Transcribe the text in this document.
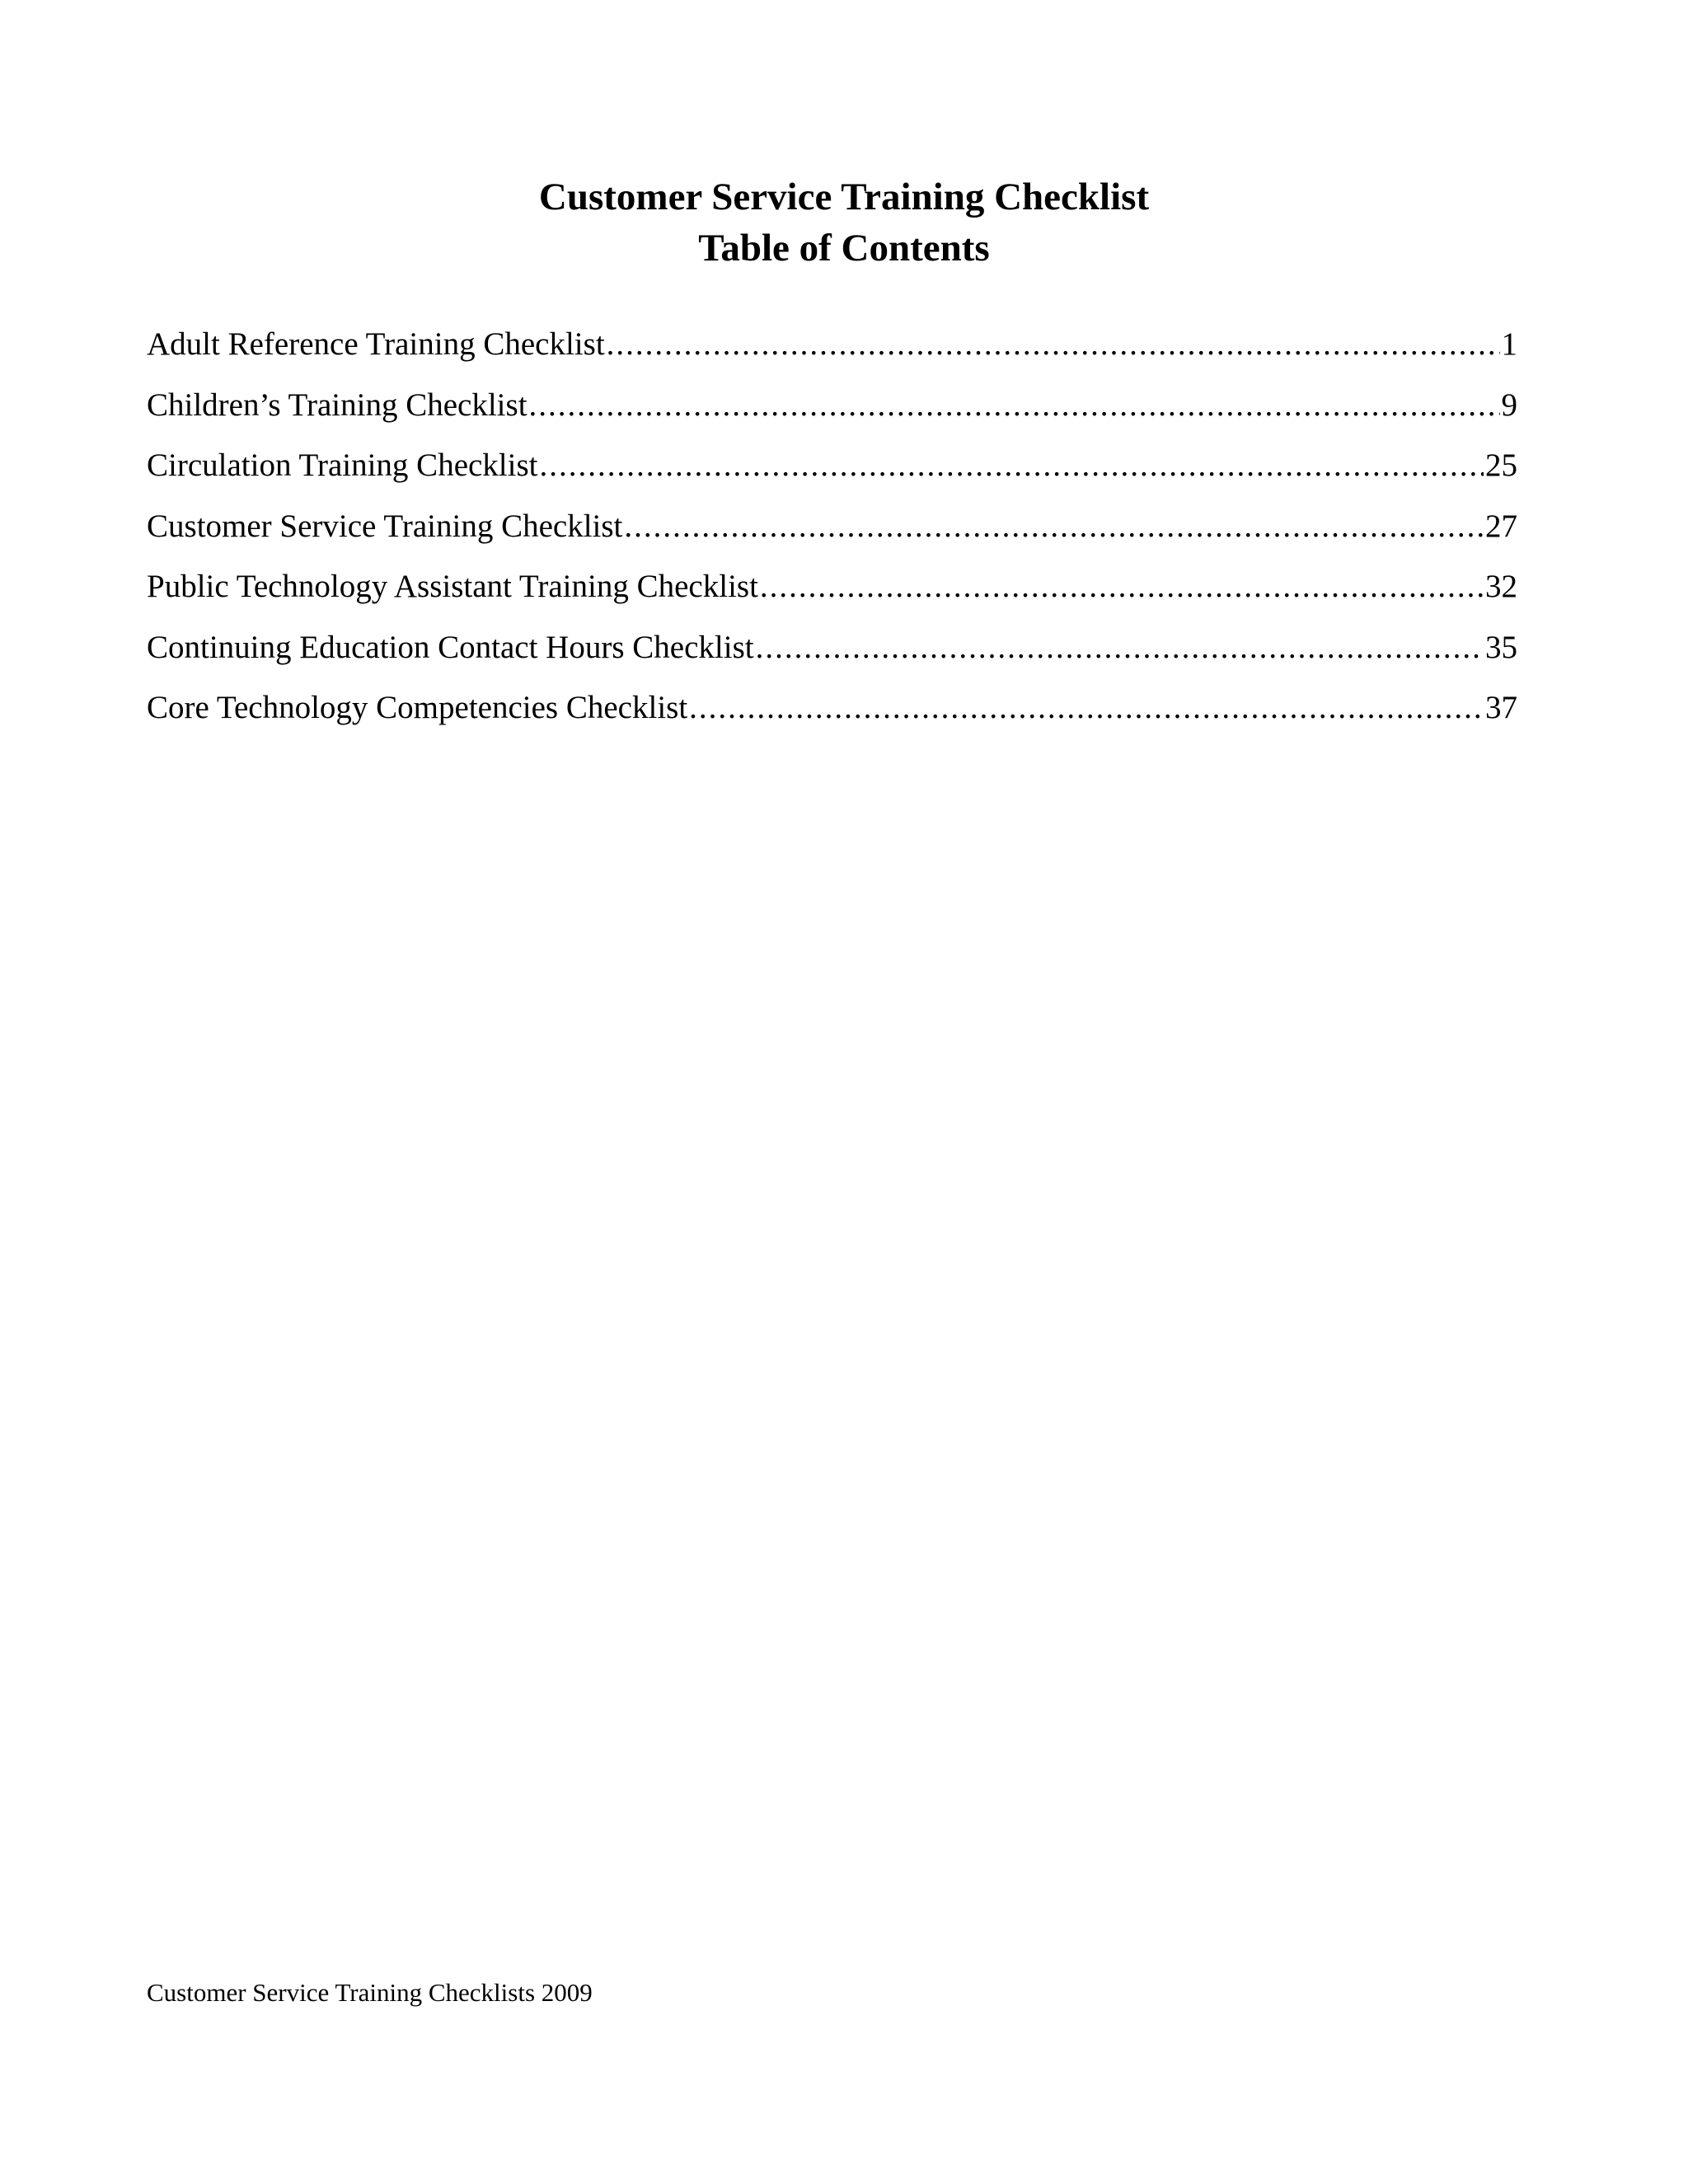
Customer Service Training Checklist
Table of Contents
Adult Reference Training Checklist .....	1
Children’s Training Checklist .....	9
Circulation Training Checklist .....	25
Customer Service Training Checklist .....	27
Public Technology Assistant Training Checklist .....	32
Continuing Education Contact Hours Checklist .....	35
Core Technology Competencies Checklist .....	37
Customer Service Training Checklists 2009
